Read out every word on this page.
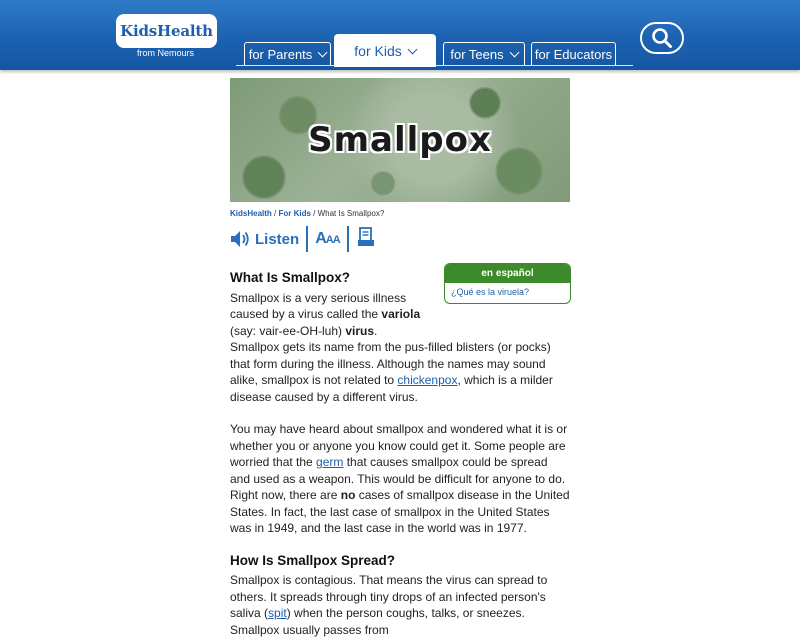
KidsHealth
from Nemours	for Parents	for Kids	for Teens for Educators
Smallpox
KidsHealth / For Kids / What Is Smallpox?
Listen AAA
en español
¿Qué es la viruela?
What Is Smallpox?

Smallpox is a very serious illness caused by a virus called the variola (say: vair-ee-OH-luh) virus. Smallpox gets its name from the pus-filled blisters (or pocks) that form during the illness. Although the names may sound alike, smallpox is not related to chickenpox, which is a milder disease caused by a different virus.

You may have heard about smallpox and wondered what it is or whether you or anyone you know could get it. Some people are worried that the germ that causes smallpox could be spread and used as a weapon. This would be difficult for anyone to do. Right now, there are no cases of smallpox disease in the United States. In fact, the last case of smallpox in the United States was in 1949, and the last case in the world was in 1977.

How Is Smallpox Spread?

Smallpox is contagious. That means the virus can spread to others. It spreads through tiny drops of an infected person's saliva (spit) when the person coughs, talks, or sneezes. Smallpox usually passes from
